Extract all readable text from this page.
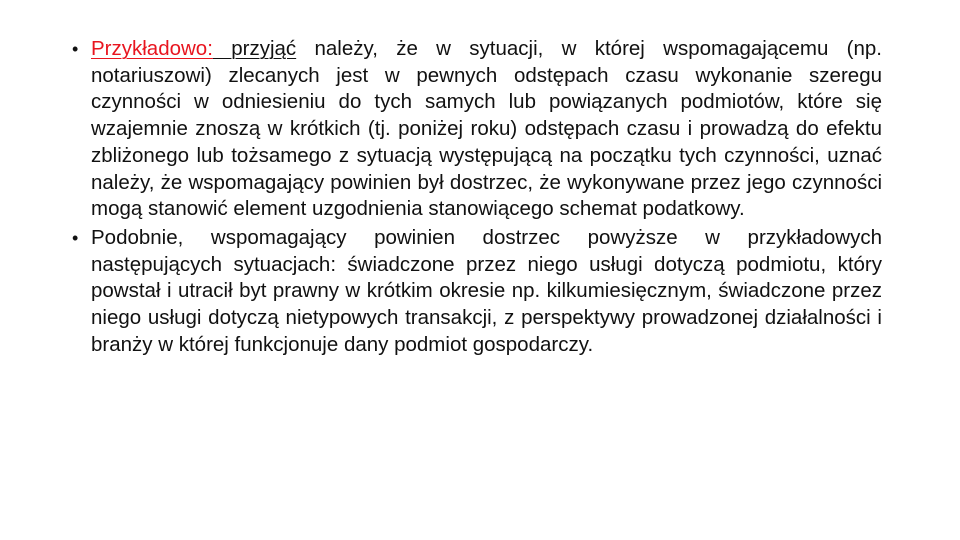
• Przykładowo: przyjąć należy, że w sytuacji, w której wspomagającemu (np. notariuszowi) zlecanych jest w pewnych odstępach czasu wykonanie szeregu czynności w odniesieniu do tych samych lub powiązanych podmiotów, które się wzajemnie znoszą w krótkich (tj. poniżej roku) odstępach czasu i prowadzą do efektu zbliżonego lub tożsamego z sytuacją występującą na początku tych czynności, uznać należy, że wspomagający powinien był dostrzec, że wykonywane przez jego czynności mogą stanowić element uzgodnienia stanowiącego schemat podatkowy.
• Podobnie, wspomagający powinien dostrzec powyższe w przykładowych następujących sytuacjach: świadczone przez niego usługi dotyczą podmiotu, który powstał i utracił byt prawny w krótkim okresie np. kilkumiesięcznym, świadczone przez niego usługi dotyczą nietypowych transakcji, z perspektywy prowadzonej działalności i branży w której funkcjonuje dany podmiot gospodarczy.
